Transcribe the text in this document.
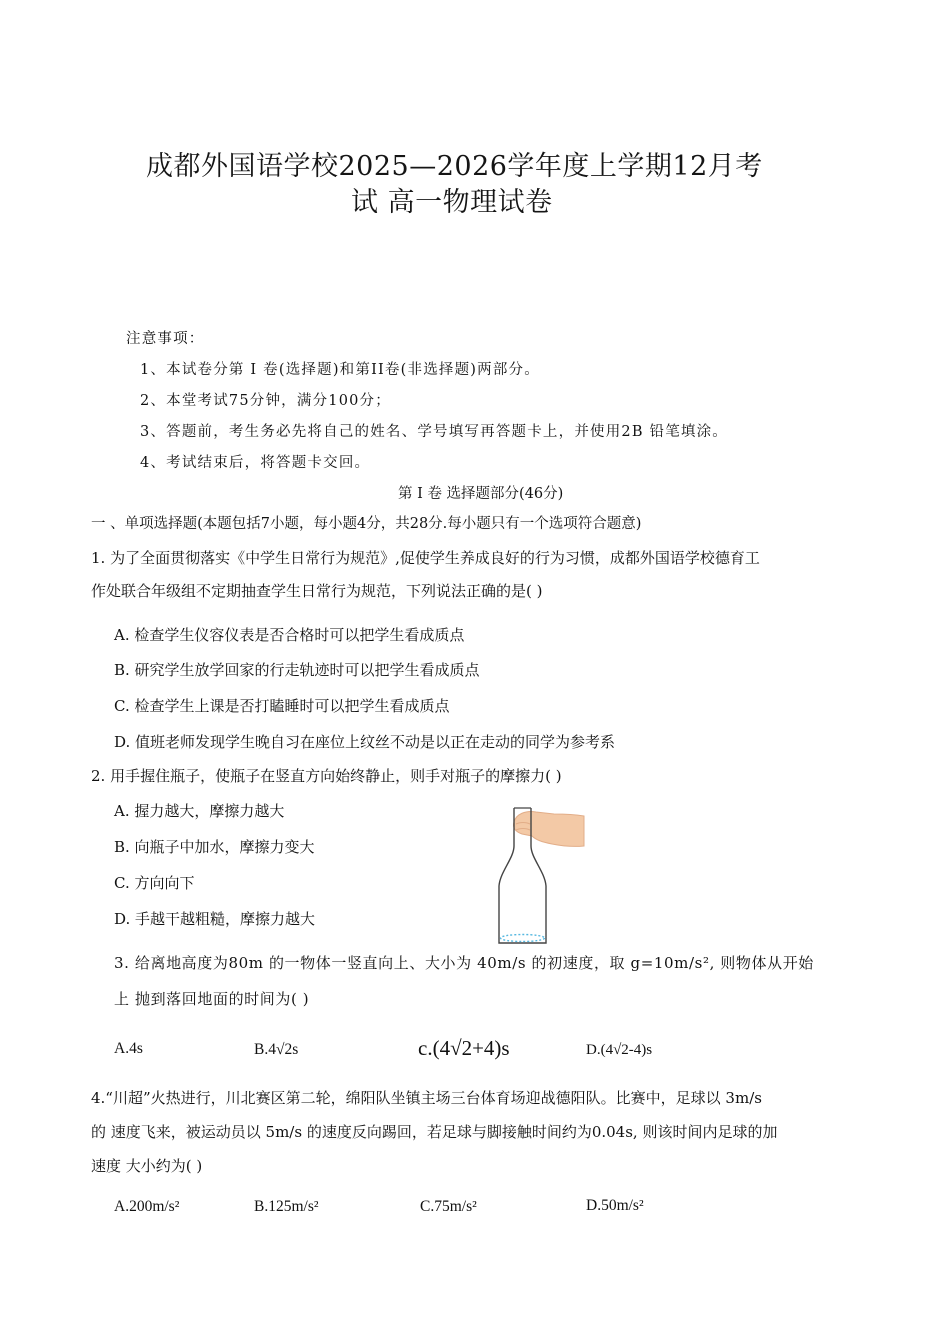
成都外国语学校2025—2026学年度上学期12月考
试 高一物理试卷
注意事项：
1、本试卷分第 I 卷(选择题)和第II卷(非选择题)两部分。
2、本堂考试75分钟，满分100分；
3、答题前，考生务必先将自己的姓名、学号填写再答题卡上，并使用2B 铅笔填涂。
4、考试结束后，将答题卡交回。
第 I 卷 选择题部分(46分)
一 、单项选择题(本题包括7小题，每小题4分，共28分.每小题只有一个选项符合题意)
1. 为了全面贯彻落实《中学生日常行为规范》,促使学生养成良好的行为习惯，成都外国语学校德育工
作处联合年级组不定期抽查学生日常行为规范，下列说法正确的是( )
A. 检查学生仪容仪表是否合格时可以把学生看成质点
B. 研究学生放学回家的行走轨迹时可以把学生看成质点
C. 检查学生上课是否打瞌睡时可以把学生看成质点
D. 值班老师发现学生晚自习在座位上纹丝不动是以正在走动的同学为参考系
2. 用手握住瓶子，使瓶子在竖直方向始终静止，则手对瓶子的摩擦力( )
A. 握力越大，摩擦力越大
B. 向瓶子中加水，摩擦力变大
C. 方向向下
D. 手越干越粗糙，摩擦力越大
3. 给离地高度为80m 的一物体一竖直向上、大小为 40m/s 的初速度，取 g=10m/s², 则物体从开始
上 抛到落回地面的时间为( )
A.4s	B.4√2s	c.(4√2+4)s	D.(4√2-4)s
4.“川超”火热进行，川北赛区第二轮，绵阳队坐镇主场三台体育场迎战德阳队。比赛中，足球以 3m/s
的 速度飞来，被运动员以 5m/s 的速度反向踢回，若足球与脚接触时间约为0.04s, 则该时间内足球的加
速度 大小约为( )
A.200m/s²	B.125m/s²	C.75m/s²	D.50m/s²
